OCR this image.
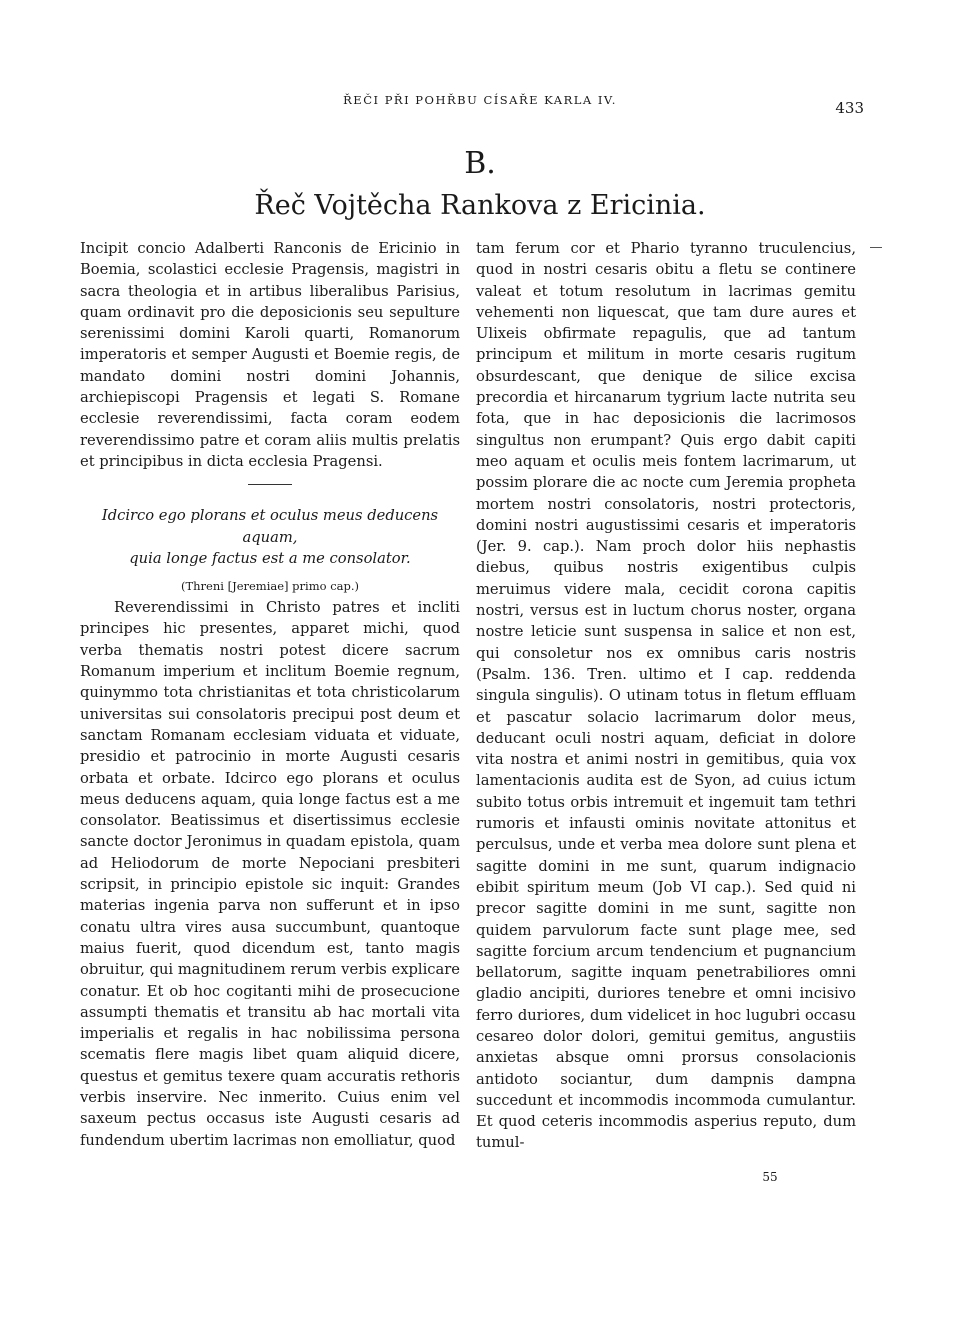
ŘEČI PŘI POHŘBU CÍSAŘE KARLA IV.	433
B.
Řeč Vojtěcha Rankova z Ericinia.

Incipit concio Adalberti Ranconis de Ericinio in Boemia, scolastici ecclesie Pragensis, magistri in sacra theologia et in artibus liberalibus Parisius, quam ordinavit pro die deposicionis seu sepulture serenissimi domini Karoli quarti, Romanorum imperatoris et semper Augusti et Boemie regis, de mandato domini nostri domini Johannis, archiepiscopi Pragensis et legati S. Romane ecclesie reverendissimi, facta coram eodem reverendissimo patre et coram aliis multis prelatis et principibus in dicta ecclesia Pragensi.

Idcirco ego plorans et oculus meus deducens aquam,

quia longe factus est a me consolator.

(Threni [Jeremiae] primo cap.)

Reverendissimi in Christo patres et incliti principes hic presentes, apparet michi, quod verba thematis nostri potest dicere sacrum Romanum imperium et inclitum Boemie regnum, quinymmo tota christianitas et tota christicolarum universitas sui consolatoris precipui post deum et sanctam Romanam ecclesiam viduata et viduate, presidio et patrocinio in morte Augusti cesaris orbata et orbate. Idcirco ego plorans et oculus meus deducens aquam, quia longe factus est a me consolator. Beatissimus et disertissimus ecclesie sancte doctor Jeronimus in quadam epistola, quam ad Heliodorum de morte Nepociani presbiteri scripsit, in principio epistole sic inquit: Grandes materias ingenia parva non sufferunt et in ipso conatu ultra vires ausa succumbunt, quantoque maius fuerit, quod dicendum est, tanto magis obruitur, qui magnitudinem rerum verbis explicare conatur. Et ob hoc cogitanti mihi de prosecucione assumpti thematis et transitu ab hac mortali vita imperialis et regalis in hac nobilissima persona scematis flere magis libet quam aliquid dicere, questus et gemitus texere quam accuratis rethoris verbis inservire. Nec inmerito. Cuius enim vel saxeum pectus occasus iste Augusti cesaris ad fundendum ubertim lacrimas non emolliatur, quod

tam ferum cor et Phario tyranno truculencius, quod in nostri cesaris obitu a fletu se continere valeat et totum resolutum in lacrimas gemitu vehementi non liquescat, que tam dure aures et Ulixeis obfirmate repagulis, que ad tantum principum et militum in morte cesaris rugitum obsurdescant, que denique de silice excisa precordia et hircanarum tygrium lacte nutrita seu fota, que in hac deposicionis die lacrimosos singultus non erumpant? Quis ergo dabit capiti meo aquam et oculis meis fontem lacrimarum, ut possim plorare die ac nocte cum Jeremia propheta mortem nostri consolatoris, nostri protectoris, domini nostri augustissimi cesaris et imperatoris (Jer. 9. cap.). Nam proch dolor hiis nephastis diebus, quibus nostris exigentibus culpis meruimus videre mala, cecidit corona capitis nostri, versus est in luctum chorus noster, organa nostre leticie sunt suspensa in salice et non est, qui consoletur nos ex omnibus caris nostris (Psalm. 136. Tren. ultimo et I cap. reddenda singula singulis). O utinam totus in fletum effluam et pascatur solacio lacrimarum dolor meus, deducant oculi nostri aquam, deficiat in dolore vita nostra et animi nostri in gemitibus, quia vox lamentacionis audita est de Syon, ad cuius ictum subito totus orbis intremuit et ingemuit tam tethri rumoris et infausti ominis novitate attonitus et perculsus, unde et verba mea dolore sunt plena et sagitte domini in me sunt, quarum indignacio ebibit spiritum meum (Job VI cap.). Sed quid ni precor sagitte domini in me sunt, sagitte non quidem parvulorum facte sunt plage mee, sed sagitte forcium arcum tendencium et pugnancium bellatorum, sagitte inquam penetrabiliores omni gladio ancipiti, duriores tenebre et omni incisivo ferro duriores, dum videlicet in hoc lugubri occasu cesareo dolor dolori, gemitui gemitus, angustiis anxietas absque omni prorsus consolacionis antidoto sociantur, dum dampnis dampna succedunt et incommodis incommoda cumulantur. Et quod ceteris incommodis asperius reputo, dum tumul-

55
